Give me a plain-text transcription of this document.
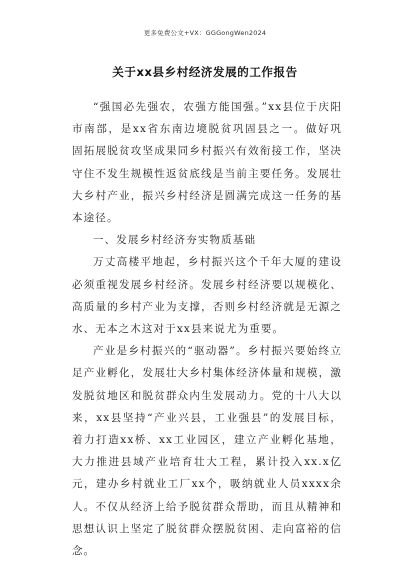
更多免费公文+VX：GGGongWen2024
关于xx县乡村经济发展的工作报告

“强国必先强农，农强方能国强。”xx县位于庆阳市南部，是xx省东南边境脱贫巩固县之一。做好巩固拓展脱贫攻坚成果同乡村振兴有效衔接工作，坚决守住不发生规模性返贫底线是当前主要任务。发展壮大乡村产业，振兴乡村经济是圆满完成这一任务的基本途径。

一、发展乡村经济夯实物质基础

万丈高楼平地起，乡村振兴这个千年大厦的建设必须重视发展乡村经济。发展乡村经济要以规模化、高质量的乡村产业为支撑，否则乡村经济就是无源之水、无本之木这对于xx县来说尤为重要。

产业是乡村振兴的“驱动器”。乡村振兴要始终立足产业孵化，发展壮大乡村集体经济体量和规模，激发脱贫地区和脱贫群众内生发展动力。党的十八大以来，xx县坚持“产业兴县，工业强县”的发展目标，着力打造xx桥、xx工业园区，建立产业孵化基地，大力推进县域产业培育壮大工程，累计投入xx.x亿元，建办乡村就业工厂xx个，吸纳就业人员xxxx余人。不仅从经济上给予脱贫群众帮助，而且从精神和思想认识上坚定了脱贫群众摆脱贫困、走向富裕的信念。
